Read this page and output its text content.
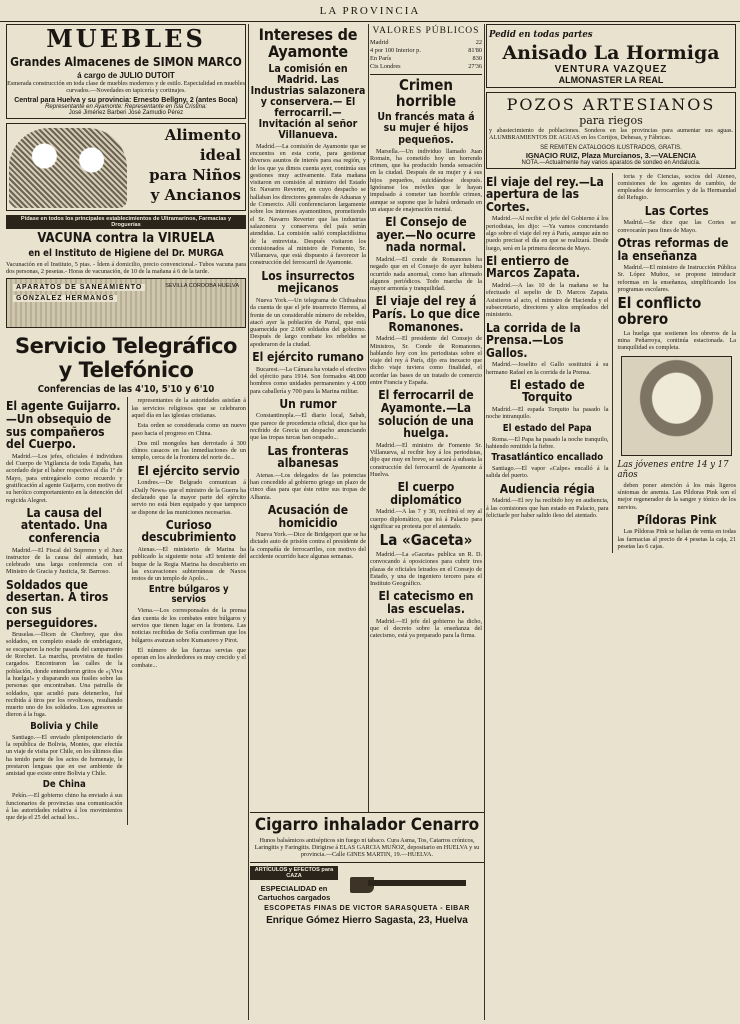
LA PROVINCIA
MUEBLES
Grandes Almacenes de SIMON MARCO
á cargo de JULIO DUTOIT

Esmerada construcción en toda clase de muebles modernos y de estilo. Especialidad en muebles curvados.—Novedades en tapicería y cortinajes.

Central para Huelva y su provincia: Ernesto Bellgny, 2 (antes Boca)
Representante en Ayamonte: Representante en Isla Cristina:
José Jiménez Barberi José Zamudio Pérez
Alimento
ideal
para Niños
y Ancianos
Pídase en todos los principales establecimientos de Ultramarinos, Farmacias y Droguerías
VACUNA contra la VIRUELA
en el Instituto de Higiene del Dr. MURGA

Vacunación en el Instituto, 5 ptas. - Ídem á domicilio, precio convencional.- Tubos vacuna para dos personas, 2 pesetas.- Horas de vacunación, de 10 de la mañana á 6 de la tarde.

APARATOS DE SANEAMIENTO
GONZALEZ HERMANOS
SEVILLA CORDOBA HUELVA
Servicio Telegráfico y Telefónico
Conferencias de las 4'10, 5'10 y 6'10
El agente Guijarro.—Un obsequio de sus compañeros del Cuerpo.

Madrid.—Los jefes, oficiales é individuos del Cuerpo de Vigilancia de toda España, han acordado dejar el haber respectivo al día 1º de Mayo, para entregárselo como recuerdo y gratificación al agente Guijarro, con motivo de su heróico comportamiento en la detención del regicida Alegret.

La causa del atentado. Una conferencia

Madrid.—El Fiscal del Supremo y el Juez instructor de la causa del atentado, han celebrado una larga conferencia con el Ministro de Gracia y Justicia, Sr. Barroso.

Soldados que desertan. A tiros con sus perseguidores.

Bruselas.—Dicen de Cherbrey, que dos soldados, en completo estado de embriaguez, se escaparon la noche pasada del campamento de Rorchet. La marcha, provistos de fusiles cargados. Encontraron las calles de la población, donde entendieron gritos de «¡Viva la huelga!» y disparando sus fusiles sobre las personas que encontraban. Una patrulla de soldados, que acudió para detenerlos, fué recibida á tiros por los revoltosos, resultando muerto uno de los soldados. Los agresores se dieron á la fuga.

Bolivia y Chile

Santiago.—El enviado plenipotenciario de la república de Bolivia, Montes, que efectúa un viaje de visita por Chile, en los últimos días ha tenido parte de los actos de homenaje, le prestaron lenguas que en ese ambiente de amistad que existe entre Bolivia y Chile.

De China

Pekín.—El gobierno chino ha enviado á sus funcionarios de provincias una comunicación á las autoridades relativa á los movimientos que deja el 25 del actual los...

representantes de la autoridades asistían á las servicios religiosos que se celebraron aquel día en las iglesias cristianas.

Esta orden se considerada como un nuevo paso hacia el progreso en China.

Dos mil mongoles han derrotado á 300 chinos casacos en las inmediaciones de un templo, cerca de la frontera del norte de...

El ejército servio

Londres.—De Belgrado comunican á «Daily News» que el ministro de la Guerra ha declarado que la mayor parte del ejército servio no está bien equipado y que tampoco se dispone de las municiones necesarias.

Curioso descubrimiento

Atenas.—El ministerio de Marina ha publicado la siguiente nota: «El teniente del buque de la Regia Marina ha descubierto en las excavaciones subterráneas de Naxos restos de un templo de Apolo...

Entre búlgaros y servios

Viena.—Los corresponsales de la prensa dan cuenta de los combates entre búlgaros y servios que tienen lugar en la frontera. Las noticias recibidas de Sofía confirman que los búlgaros avanzan sobre Kumanovo y Pirot.

El número de las fuerzas servias que operan en los alrededores es muy crecido y el combate...

Intereses de Ayamonte
La comisión en Madrid. Las Industrias salazonera y conservera.— El ferrocarril.— Invitación al señor Villanueva.

Madrid.—La comisión de Ayamonte que se encuentra en esta corte, para gestionar diversos asuntos de interés para esa región, y de los que ya dimos cuenta ayer, continúa sus gestiones muy activamente. Esta mañana visitaron en comisión al ministro del Estado Sr. Navarro Reverter, en cuyo despacho se hallaban los directores generales de Aduanas y de Comercio. Allí conferenciaron largamente sobre los intereses ayamontinos, prometiendo el Sr. Navarro Reverter que las industrias salazonera y conservera del país serán atendidas. La comisión salió complacidísima de la entrevista. Después visitaron los comisionados al ministro de Fomento, Sr. Villanueva, que está dispuesto á favorecer la construcción del ferrocarril de Ayamonte.

Los insurrectos mejicanos

Nueva York.—Un telegrama de Chihuahua da cuenta de que el jefe insurrecto Herrera, al frente de un considerable número de rebeldes, atacó ayer la población de Parral, que está guarnecida por 2.000 soldados del gobierno. Después de largo combate los rebeldes se apoderaron de la ciudad.

El ejército rumano

Bucarest.—La Cámara ha votado el efectivo del ejército para 1914. Son formados 48.000 hombres como unidades permanentes y 4.000 para caballería y 700 para la Marina militar.

Un rumor

Constantinopla.—El diario local, Sabah, que parece de procedencia oficial, dice que ha recibido de Grecia un despacho anunciando que las tropas turcas han ocupado...

Las fronteras albanesas

Atenas.—Los delegados de las potencias han concedido al gobierno griego un plazo de cinco días para que éste retire sus tropas de Albania.

Acusación de homicidio

Nueva York.—Dice de Bridgeport que se ha dictado auto de prisión contra el presidente de la compañía de ferrocarriles, con motivo del accidente ocurrido hace algunas semanas.

VALORES PÚBLICOS
Madrid	22
4 por 100 Interior p.	81'80
En París	830
Cts Londres	27'36
Crimen horrible
Un francés mata á su mujer é hijos pequeños.

Marsella.—Un individuo llamado Juan Romain, ha cometido hoy un horrendo crimen, que ha producido honda sensación en la ciudad. Después de su mujer y á sus hijos pequeños, suicidándose después. Ignóranse los móviles que le hayan impulsado á cometer tan horrible crimen, aunque se supone que le habrá ordenado en un ataque de enajenación mental.

El Consejo de ayer.—No ocurre nada normal.

Madrid.—El conde de Romanones ha negado que en el Consejo de ayer hubiera ocurrido nada anormal, como han afirmado algunos periódicos. Todo marcha de la mayor armonía y tranquilidad.

El viaje del rey á París. Lo que dice Romanones.

Madrid.—El presidente del Consejo de Ministros, Sr. Conde de Romanones, hablando hoy con los periodistas sobre el viaje del rey á París, dijo era inexacto que dicho viaje tuviera como finalidad, el acordar las bases de un tratado de comercio entre Francia y España.

El ferrocarril de Ayamonte.—La solución de una huelga.

Madrid.—El ministro de Fomento Sr. Villanueva, al recibir hoy á los periodistas, dijo que muy en breve, se sacará á subasta la construcción del ferrocarril de Ayamonte á Huelva.

El cuerpo diplomático

Madrid.—A las 7 y 30, recibirá el rey al cuerpo diplomático, que irá á Palacio para significar su protesta por el atentado.

La «Gaceta»

Madrid.—La «Gaceta» publica un R. D. convocando á oposiciones para cubrir tres plazas de oficiales letrados en el Consejo de Estado, y una de ingeniero tercero para el Instituto Geográfico.

El catecismo en las escuelas.

Madrid.—El jefe del gobierno ha dicho, que el decreto sobre la enseñanza del catecismo, está ya preparado para la firma.

Pedid en todas partes
Anisado La Hormiga
VENTURA VAZQUEZ
ALMONASTER LA REAL
POZOS ARTESIANOS
para riegos

y abastecimiento de poblaciones. Sondeos en las provincias para aumentar sus aguas. ALUMBRAMIENTOS DE AGUAS en los Cortijos, Dehesas, y Fábricas.

SE REMITEN CATALOGOS ILUSTRADOS, GRATIS.
IGNACIO RUIZ, Plaza Murcianos, 3.—VALENCIA
NOTA.—Actualmente hay varios aparatos de sondeo en Andalucía.
El viaje del rey.—La apertura de las Cortes.

Madrid.—Al recibir el jefe del Gobierno á los periodistas, les dijo: —Ya vamos concretando algo sobre el viaje del rey á París, aunque aún no puedo precisar el día en que se realizará. Desde luego, será en la primera decena de Mayo.

El entierro de Marcos Zapata.

Madrid.—A las 10 de la mañana se ha efectuado el sepelio de D. Marcos Zapata. Asistieron al acto, el ministro de Hacienda y el subsecretario, directores y altos empleados del ministerio.

La corrida de la Prensa.—Los Gallos.

Madrid.—Joselito el Gallo sostituirá á su hermano Rafael en la corrida de la Prensa.

El estado de Torquito

Madrid.—El espada Torquito ha pasado la noche intranquilo.

El estado del Papa

Roma.—El Papa ha pasado la noche tranquilo, habiendo remitido la fiebre.

Trasatlántico encallado

Santiago.—El vapor «Calpe» encalló á la salida del puerto.

Audiencia régia

Madrid.—El rey ha recibido hoy en audiencia, á las comisiones que han estado en Palacio, para felicitarle por haber salido ileso del atentado.

toria y de Ciencias, socios del Ateneo, comisiones de los agentes de cambio, de empleados de ferrocarriles y de la Hermandad del Refugio.

Las Cortes

Madrid.—Se dice que las Cortes se convocarán para fines de Mayo.

Otras reformas de la enseñanza

Madrid.—El ministro de Instrucción Pública Sr. López Muñoz, se propone introducir reformas en la enseñanza, simplificando los programas escolares.

El conflicto obrero

La huelga que sostienen los obreros de la mina Peñarroya, continúa estacionada. La tranquilidad es completa.

Las jóvenes entre 14 y 17 años

deben poner atención á los más ligeros síntomas de anemia. Las Píldoras Pink son el mejor regenerador de la sangre y tónico de los nervios.

Píldoras Pink

Las Píldoras Pink se hallan de venta en todas las farmacias al precio de 4 pesetas la caja, 21 pesetas las 6 cajas.

Cigarro inhalador Cenarro

Hunos balsámicos antisépticos sin fuego ni tabaco. Cura Asma, Tos, Catarros crónicos, Laringitis y Faringitis. Dirigirse á ELAS GARCIA MUÑOZ, depositario en HUELVA y su provincia.—Calle GINES MARTIN, 19.—HUELVA.

ARTÍCULOS y EFECTOS para CAZA
ESPECIALIDAD en Cartuchos cargados
ESCOPETAS FINAS DE VICTOR SARASQUETA - EIBAR
Enrique Gómez Hierro Sagasta, 23, Huelva
